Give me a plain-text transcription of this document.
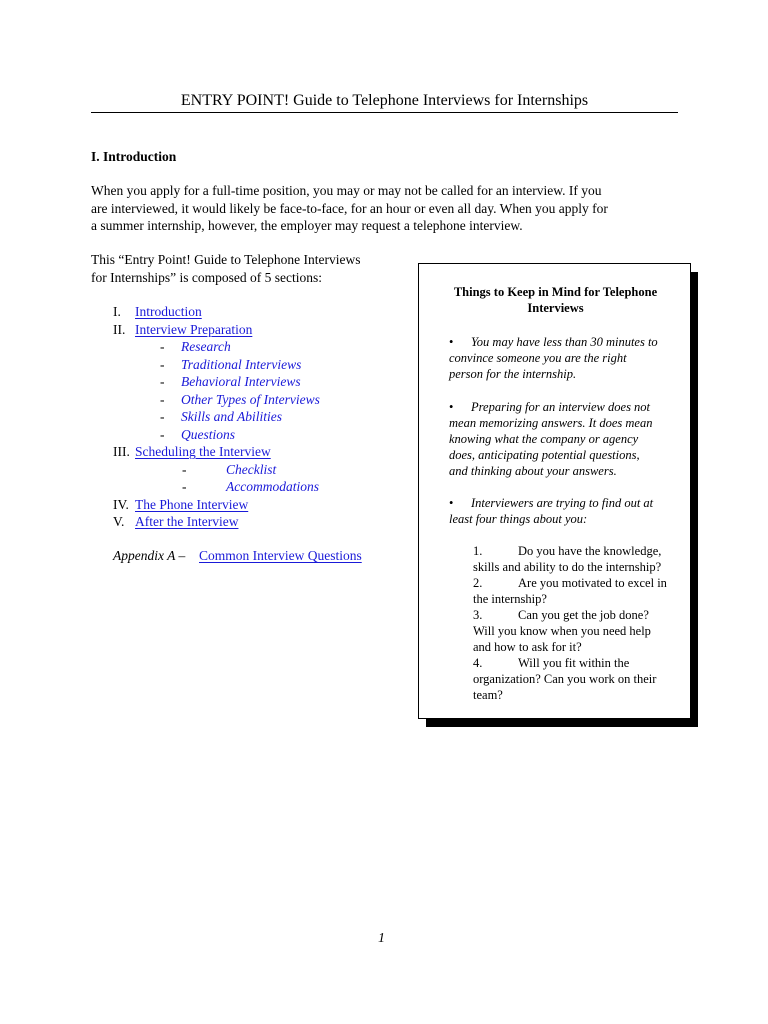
ENTRY POINT! Guide to Telephone Interviews for Internships
I. Introduction

When you apply for a full-time position, you may or may not be called for an interview. If you

are interviewed, it would likely be face-to-face, for an hour or even all day. When you apply for

a summer internship, however, the employer may request a telephone interview.

This “Entry Point! Guide to Telephone Interviews

for Internships” is composed of 5 sections:

I. Introduction
II. Interview Preparation
- Research
- Traditional Interviews
- Behavioral Interviews
- Other Types of Interviews
- Skills and Abilities
- Questions
III. Scheduling the Interview
-	Checklist
-	Accommodations
IV. The Phone Interview
V. After the Interview
Appendix A – Common Interview Questions
Things to Keep in Mind for Telephone
Interviews
• You may have less than 30 minutes to
convince someone you are the right
person for the internship.
• Preparing for an interview does not
mean memorizing answers. It does mean
knowing what the company or agency
does, anticipating potential questions,
and thinking about your answers.
• Interviewers are trying to find out at
least four things about you:
1.	Do you have the knowledge,
skills and ability to do the internship?
2.	Are you motivated to excel in
the internship?
3.	Can you get the job done?
Will you know when you need help
and how to ask for it?
4.	Will you fit within the
organization? Can you work on their
team?
1
